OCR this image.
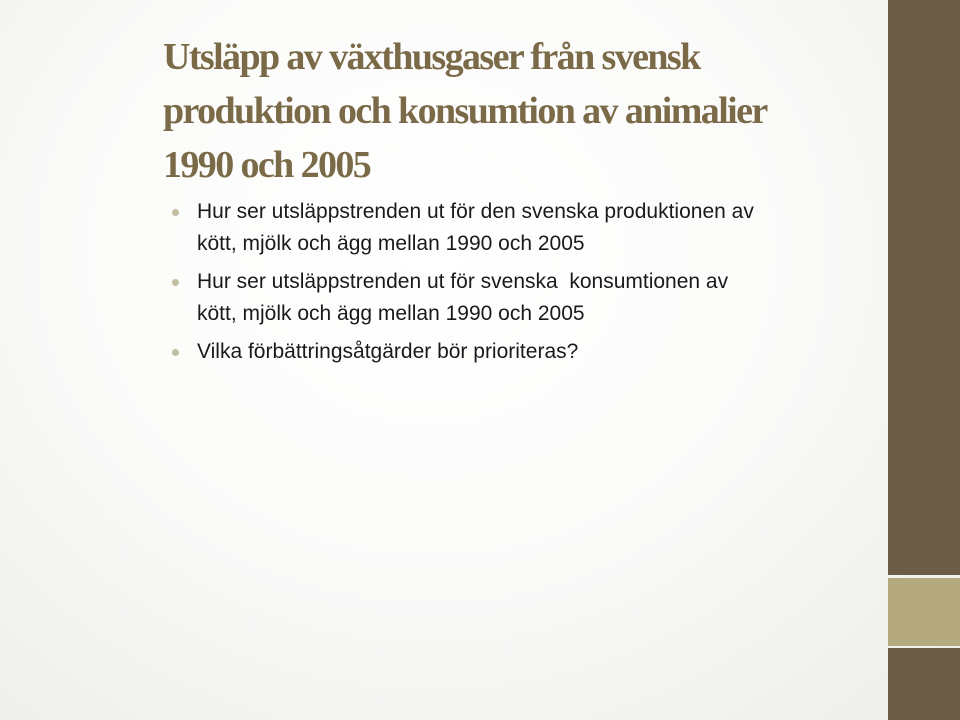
Utsläpp av växthusgaser från svensk
produktion och konsumtion av animalier
1990 och 2005
Hur ser utsläppstrenden ut för den svenska produktionen av
kött, mjölk och ägg mellan 1990 och 2005
Hur ser utsläppstrenden ut för svenska  konsumtionen av
kött, mjölk och ägg mellan 1990 och 2005
Vilka förbättringsåtgärder bör prioriteras?
